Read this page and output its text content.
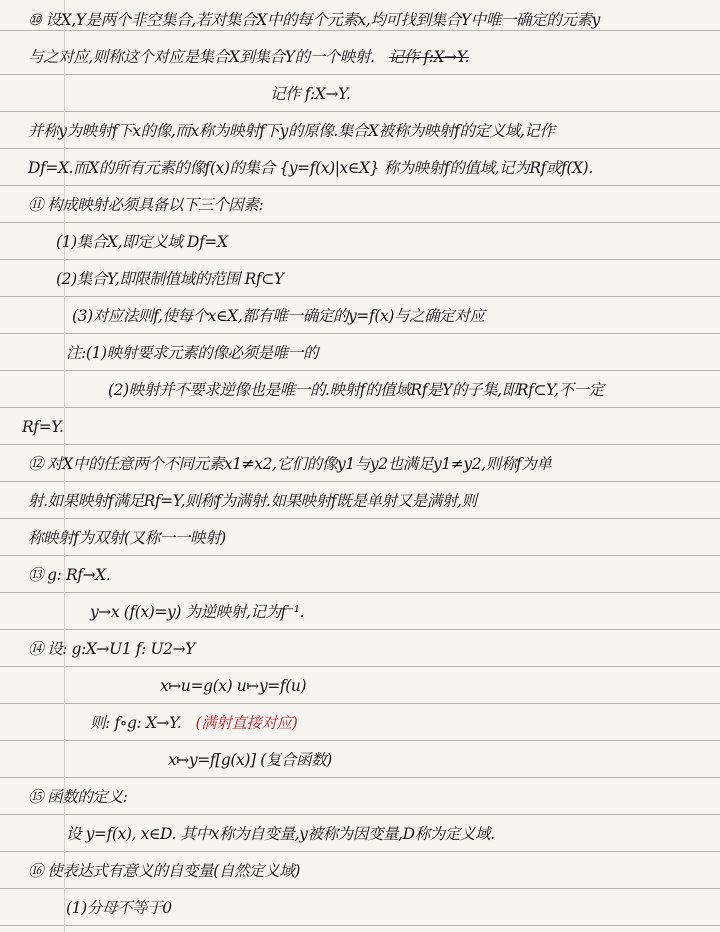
⑩ 设X,Y是两个非空集合,若对集合X中的每个元素x,均可找到集合Y中唯一确定的元素y
与之对应,则称这个对应是集合X到集合Y的一个映射. 记作 f:X→Y.
记作 f:X→Y.
并称y为映射f下x的像,而x称为映射f下y的原像.集合X被称为映射f的定义域,记作
Df=X.而X的所有元素的像f(x)的集合 {y=f(x)|x∈X} 称为映射f的值域,记为Rf或f(X).
⑪ 构成映射必须具备以下三个因素:
(1)集合X,即定义域 Df=X
(2)集合Y,即限制值域的范围 Rf⊂Y
(3)对应法则f,使每个x∈X,都有唯一确定的y=f(x)与之确定对应
注:(1)映射要求元素的像必须是唯一的
(2)映射并不要求逆像也是唯一的.映射f的值域Rf是Y的子集,即Rf⊂Y,不一定
Rf=Y.
⑫ 对X中的任意两个不同元素x1≠x2,它们的像y1与y2也满足y1≠y2,则称f为单
射.如果映射f满足Rf=Y,则称f为满射.如果映射f既是单射又是满射,则
称映射f为双射(又称一一映射)
⑬ g: Rf→X.
y→x (f(x)=y) 为逆映射,记为f⁻¹.
⑭ 设: g:X→U1 f: U2→Y
x↦u=g(x) u↦y=f(u)
则: f∘g: X→Y. (满射直接对应)
x↦y=f[g(x)] (复合函数)
⑮ 函数的定义:
设 y=f(x), x∈D. 其中x称为自变量,y被称为因变量,D称为定义域.
⑯ 使表达式有意义的自变量(自然定义域)
(1)分母不等于0
